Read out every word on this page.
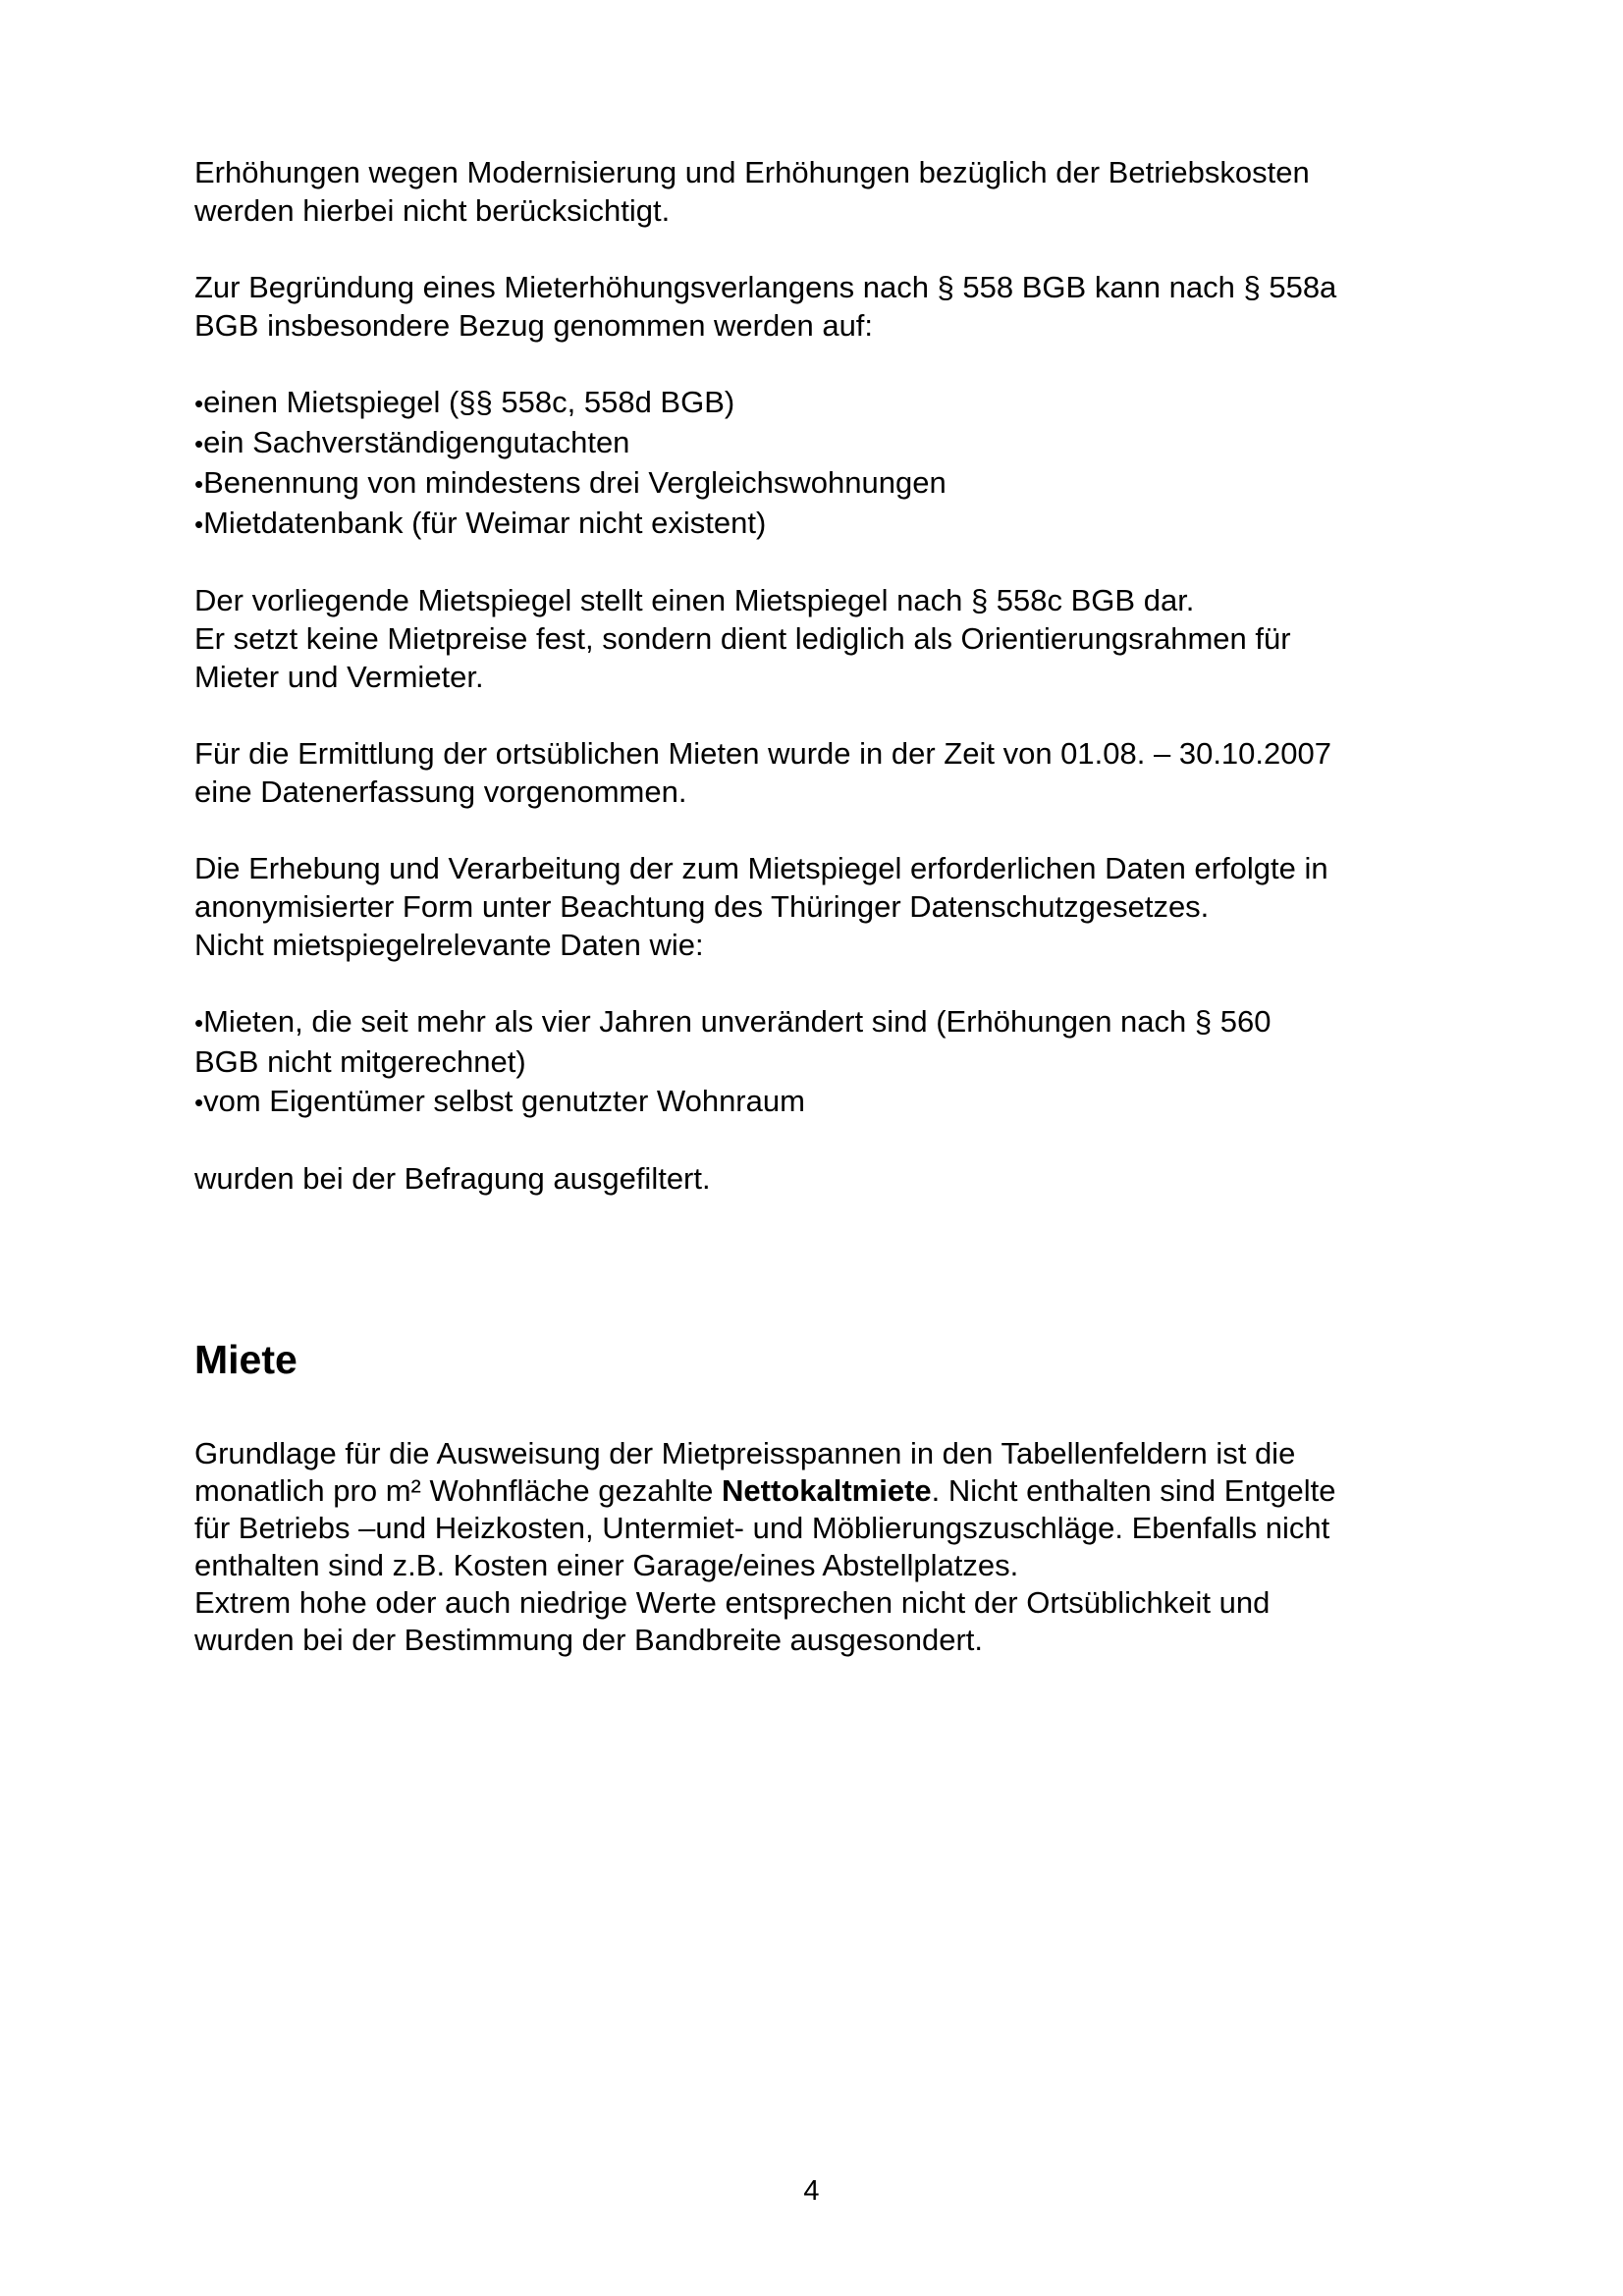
Erhöhungen wegen Modernisierung und Erhöhungen bezüglich der Betriebskosten
werden hierbei nicht berücksichtigt.
Zur Begründung eines Mieterhöhungsverlangens nach § 558 BGB kann nach § 558a
BGB insbesondere Bezug genommen werden auf:
•einen Mietspiegel (§§ 558c, 558d BGB)
•ein Sachverständigengutachten
•Benennung von mindestens drei Vergleichswohnungen
•Mietdatenbank (für Weimar nicht existent)
Der vorliegende Mietspiegel stellt einen Mietspiegel nach § 558c BGB dar.
Er setzt keine Mietpreise fest, sondern dient lediglich als Orientierungsrahmen für
Mieter und Vermieter.
Für die Ermittlung der ortsüblichen Mieten wurde in der Zeit von 01.08. – 30.10.2007
eine Datenerfassung vorgenommen.
Die Erhebung und Verarbeitung der zum Mietspiegel erforderlichen Daten erfolgte in
anonymisierter Form unter Beachtung des Thüringer Datenschutzgesetzes.
Nicht mietspiegelrelevante Daten wie:
•Mieten, die seit mehr als vier Jahren unverändert sind (Erhöhungen nach § 560
BGB nicht mitgerechnet)
•vom Eigentümer selbst genutzter Wohnraum
wurden bei der Befragung ausgefiltert.
Miete
Grundlage für die Ausweisung der Mietpreisspannen in den Tabellenfeldern ist die
monatlich pro m² Wohnfläche gezahlte Nettokaltmiete. Nicht enthalten sind Entgelte
für Betriebs –und Heizkosten, Untermiet- und Möblierungszuschläge. Ebenfalls nicht
enthalten sind z.B. Kosten einer Garage/eines Abstellplatzes.
Extrem hohe oder auch niedrige Werte entsprechen nicht der Ortsüblichkeit und
wurden bei der Bestimmung der Bandbreite ausgesondert.
4
